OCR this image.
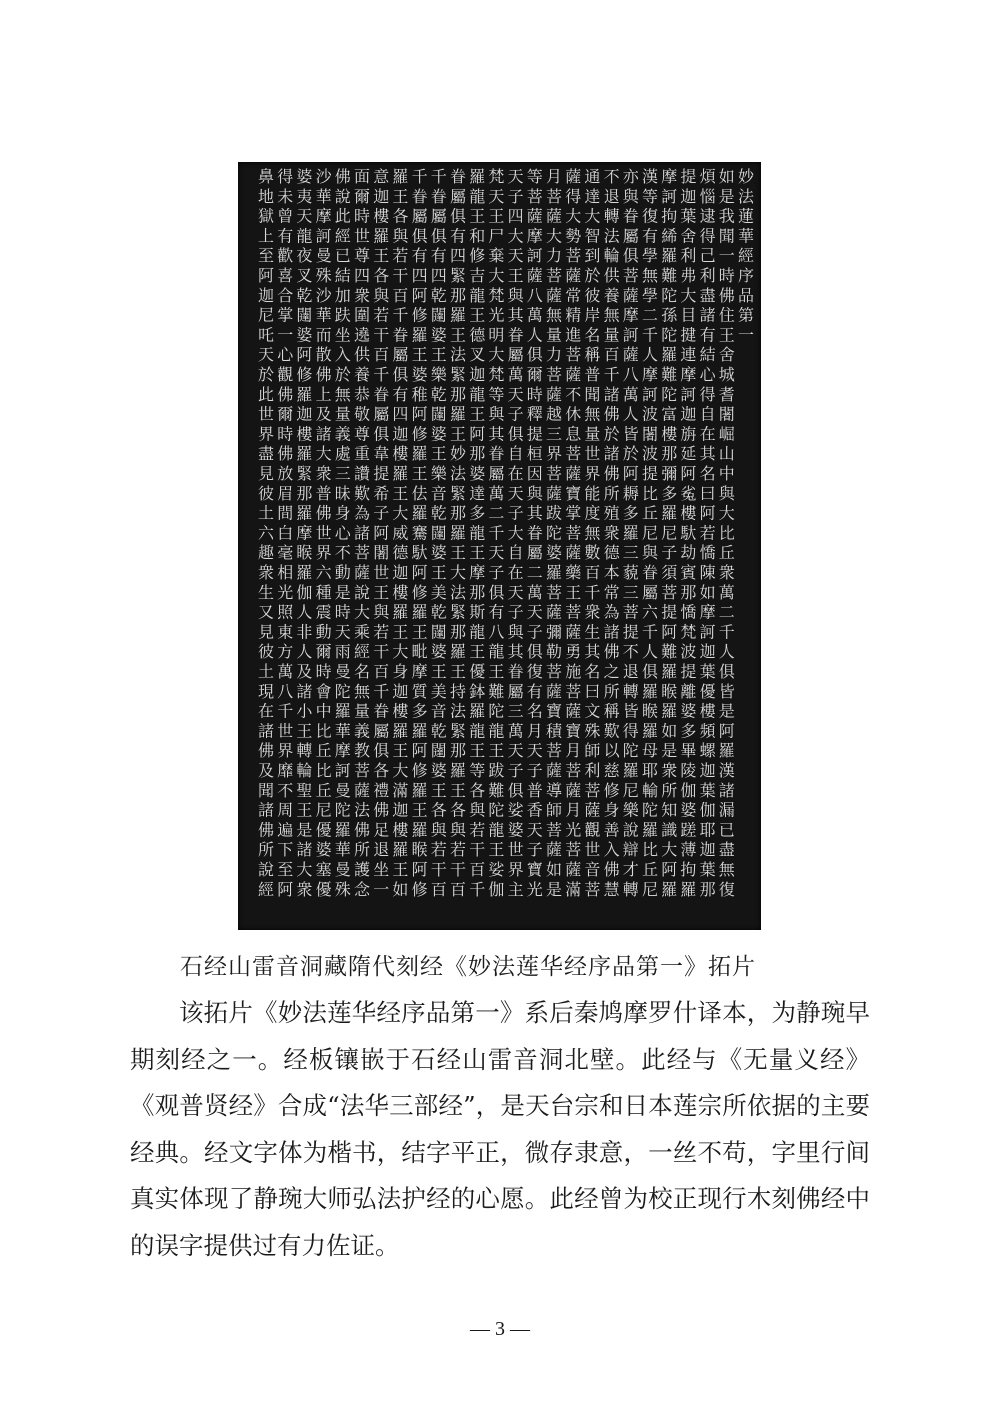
妙法蓮華經序品第一
如是我聞一時佛住王舍城耆闍崛山中與大比丘衆萬二千人俱皆是阿羅漢諸漏已盡無復
煩惱逮得己利盡諸有結心得自在其名曰阿若憍陳如摩訶迦葉優樓頻螺迦葉伽耶迦葉那
提迦葉舍利弗大目揵連摩訶迦旃延阿㝹樓馱劫賓那憍梵波提離婆多畢陵伽婆蹉薄拘羅
摩訶拘絺羅難陀孫陀羅難陀富樓那彌多羅尼子須菩提阿難羅睺羅如是衆所知識大阿羅
漢等復有學無學二千人摩訶波闍波提比丘尼與眷屬六千人俱羅睺羅母耶輸陀羅比丘尼
亦與眷屬俱菩薩摩訶薩八萬人皆於阿耨多羅三藐三菩提不退轉皆得陀羅尼樂說辯才轉
不退轉法輪供養無量百千諸佛於諸佛所殖衆德本常為諸佛之所稱歎以慈修身善入佛慧
通達大智到於彼岸名稱普聞無量世界能度無數百千衆生其名曰文殊師利菩薩觀世音菩
薩得大勢菩薩常精進菩薩不休息菩薩寶掌菩薩藥王菩薩勇施菩薩寶月菩薩月光菩薩滿
月菩薩大力菩薩無量力菩薩越三界菩薩跋陀婆羅菩薩彌勒菩薩寶積菩薩導師菩薩如是
等菩薩摩訶薩八萬人俱爾時釋提桓因與其眷屬二萬天子俱復有名月天子普香天子寶光
天子四大天王與其眷屬萬天子俱自在天子大自在天子與其眷屬三萬天子俱娑婆世界主
梵天王尸棄大梵光明大梵等與其眷屬萬二千天子俱有八龍王難陀龍王跋難陀龍王娑伽
羅龍王和修吉龍王德叉迦龍王阿那婆達多龍王摩那斯龍王優鉢羅龍王等各與若干百千
眷屬俱有四緊那羅王法緊那羅王妙法緊那羅王大法緊那羅王持法緊那羅王各與若干百
千眷屬俱有四乾闥婆王樂乾闥婆王樂音乾闥婆王美乾闥婆王美音乾闥婆王各與若干百
千眷屬俱有四阿修羅王婆稚阿修羅王佉羅騫馱阿修羅王毗摩質多羅阿修羅王羅睺阿修
羅王各與若干百千眷屬俱有四迦樓羅王大威德迦樓羅王大身迦樓羅王大滿迦樓羅王如
意迦樓羅王各與若干百千眷屬俱韋提希子阿闍世王與若干百千眷屬俱各禮佛足退坐一
面爾時世尊四衆圍遶供養恭敬尊重讚歎為諸菩薩說大乘經名無量義教菩薩法佛所護念
佛說此經已結加趺坐入於無量義處三昧身心不動是時天雨曼陀羅華摩訶曼陀羅華曼殊
沙華摩訶曼殊沙華而散佛上及諸大衆普佛世界六種震動爾時會中比丘比丘尼優婆塞優
婆夷天龍夜叉乾闥婆阿修羅迦樓羅緊那羅摩睺羅伽人非人及諸小王轉輪聖王是諸大衆
得未曾有歡喜合掌一心觀佛爾時佛放眉間白毫相光照東方萬八千世界靡不周遍下至阿
鼻地獄上至阿迦尼吒天於此世界盡見彼土六趣衆生又見彼土現在諸佛及聞諸佛所說經
石经山雷音洞藏隋代刻经《妙法莲华经序品第一》拓片

该拓片《妙法莲华经序品第一》系后秦鸠摩罗什译本，为静琬早期刻经之一。经板镶嵌于石经山雷音洞北壁。此经与《无量义经》《观普贤经》合成“法华三部经”，是天台宗和日本莲宗所依据的主要经典。经文字体为楷书，结字平正，微存隶意，一丝不苟，字里行间真实体现了静琬大师弘法护经的心愿。此经曾为校正现行木刻佛经中的误字提供过有力佐证。

— 3 —
